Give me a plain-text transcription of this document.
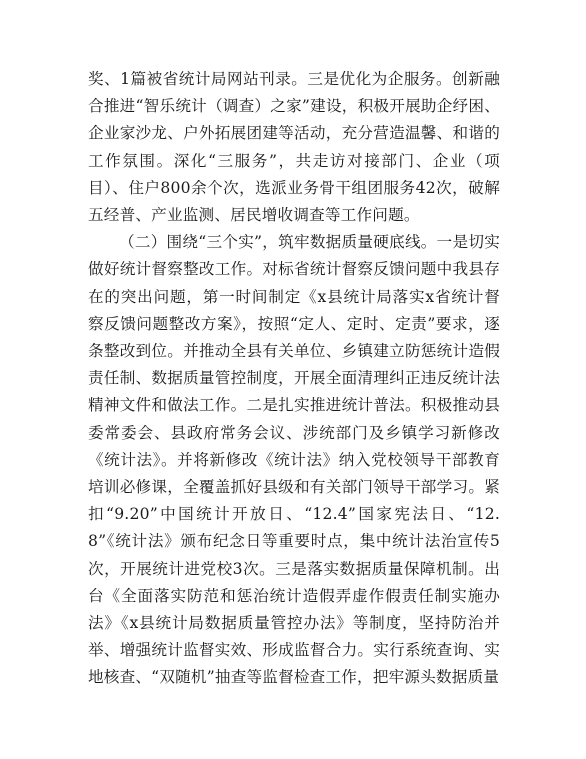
奖、1篇被省统计局网站刊录。三是优化为企服务。创新融合推进“智乐统计（调查）之家”建设，积极开展助企纾困、企业家沙龙、户外拓展团建等活动，充分营造温馨、和谐的工作氛围。深化“三服务”，共走访对接部门、企业（项目）、住户800余个次，选派业务骨干组团服务42次，破解五经普、产业监测、居民增收调查等工作问题。

（二）围绕“三个实”，筑牢数据质量硬底线。一是切实做好统计督察整改工作。对标省统计督察反馈问题中我县存在的突出问题，第一时间制定《x县统计局落实x省统计督察反馈问题整改方案》，按照“定人、定时、定责”要求，逐条整改到位。并推动全县有关单位、乡镇建立防惩统计造假责任制、数据质量管控制度，开展全面清理纠正违反统计法精神文件和做法工作。二是扎实推进统计普法。积极推动县委常委会、县政府常务会议、涉统部门及乡镇学习新修改《统计法》。并将新修改《统计法》纳入党校领导干部教育培训必修课，全覆盖抓好县级和有关部门领导干部学习。紧扣“9.20”中国统计开放日、“12.4”国家宪法日、“12.8”《统计法》颁布纪念日等重要时点，集中统计法治宣传5次，开展统计进党校3次。三是落实数据质量保障机制。出台《全面落实防范和惩治统计造假弄虚作假责任制实施办法》《x县统计局数据质量管控办法》等制度，坚持防治并举、增强统计监督实效、形成监督合力。实行系统查询、实地核查、“双随机”抽查等监督检查工作，把牢源头数据质量
